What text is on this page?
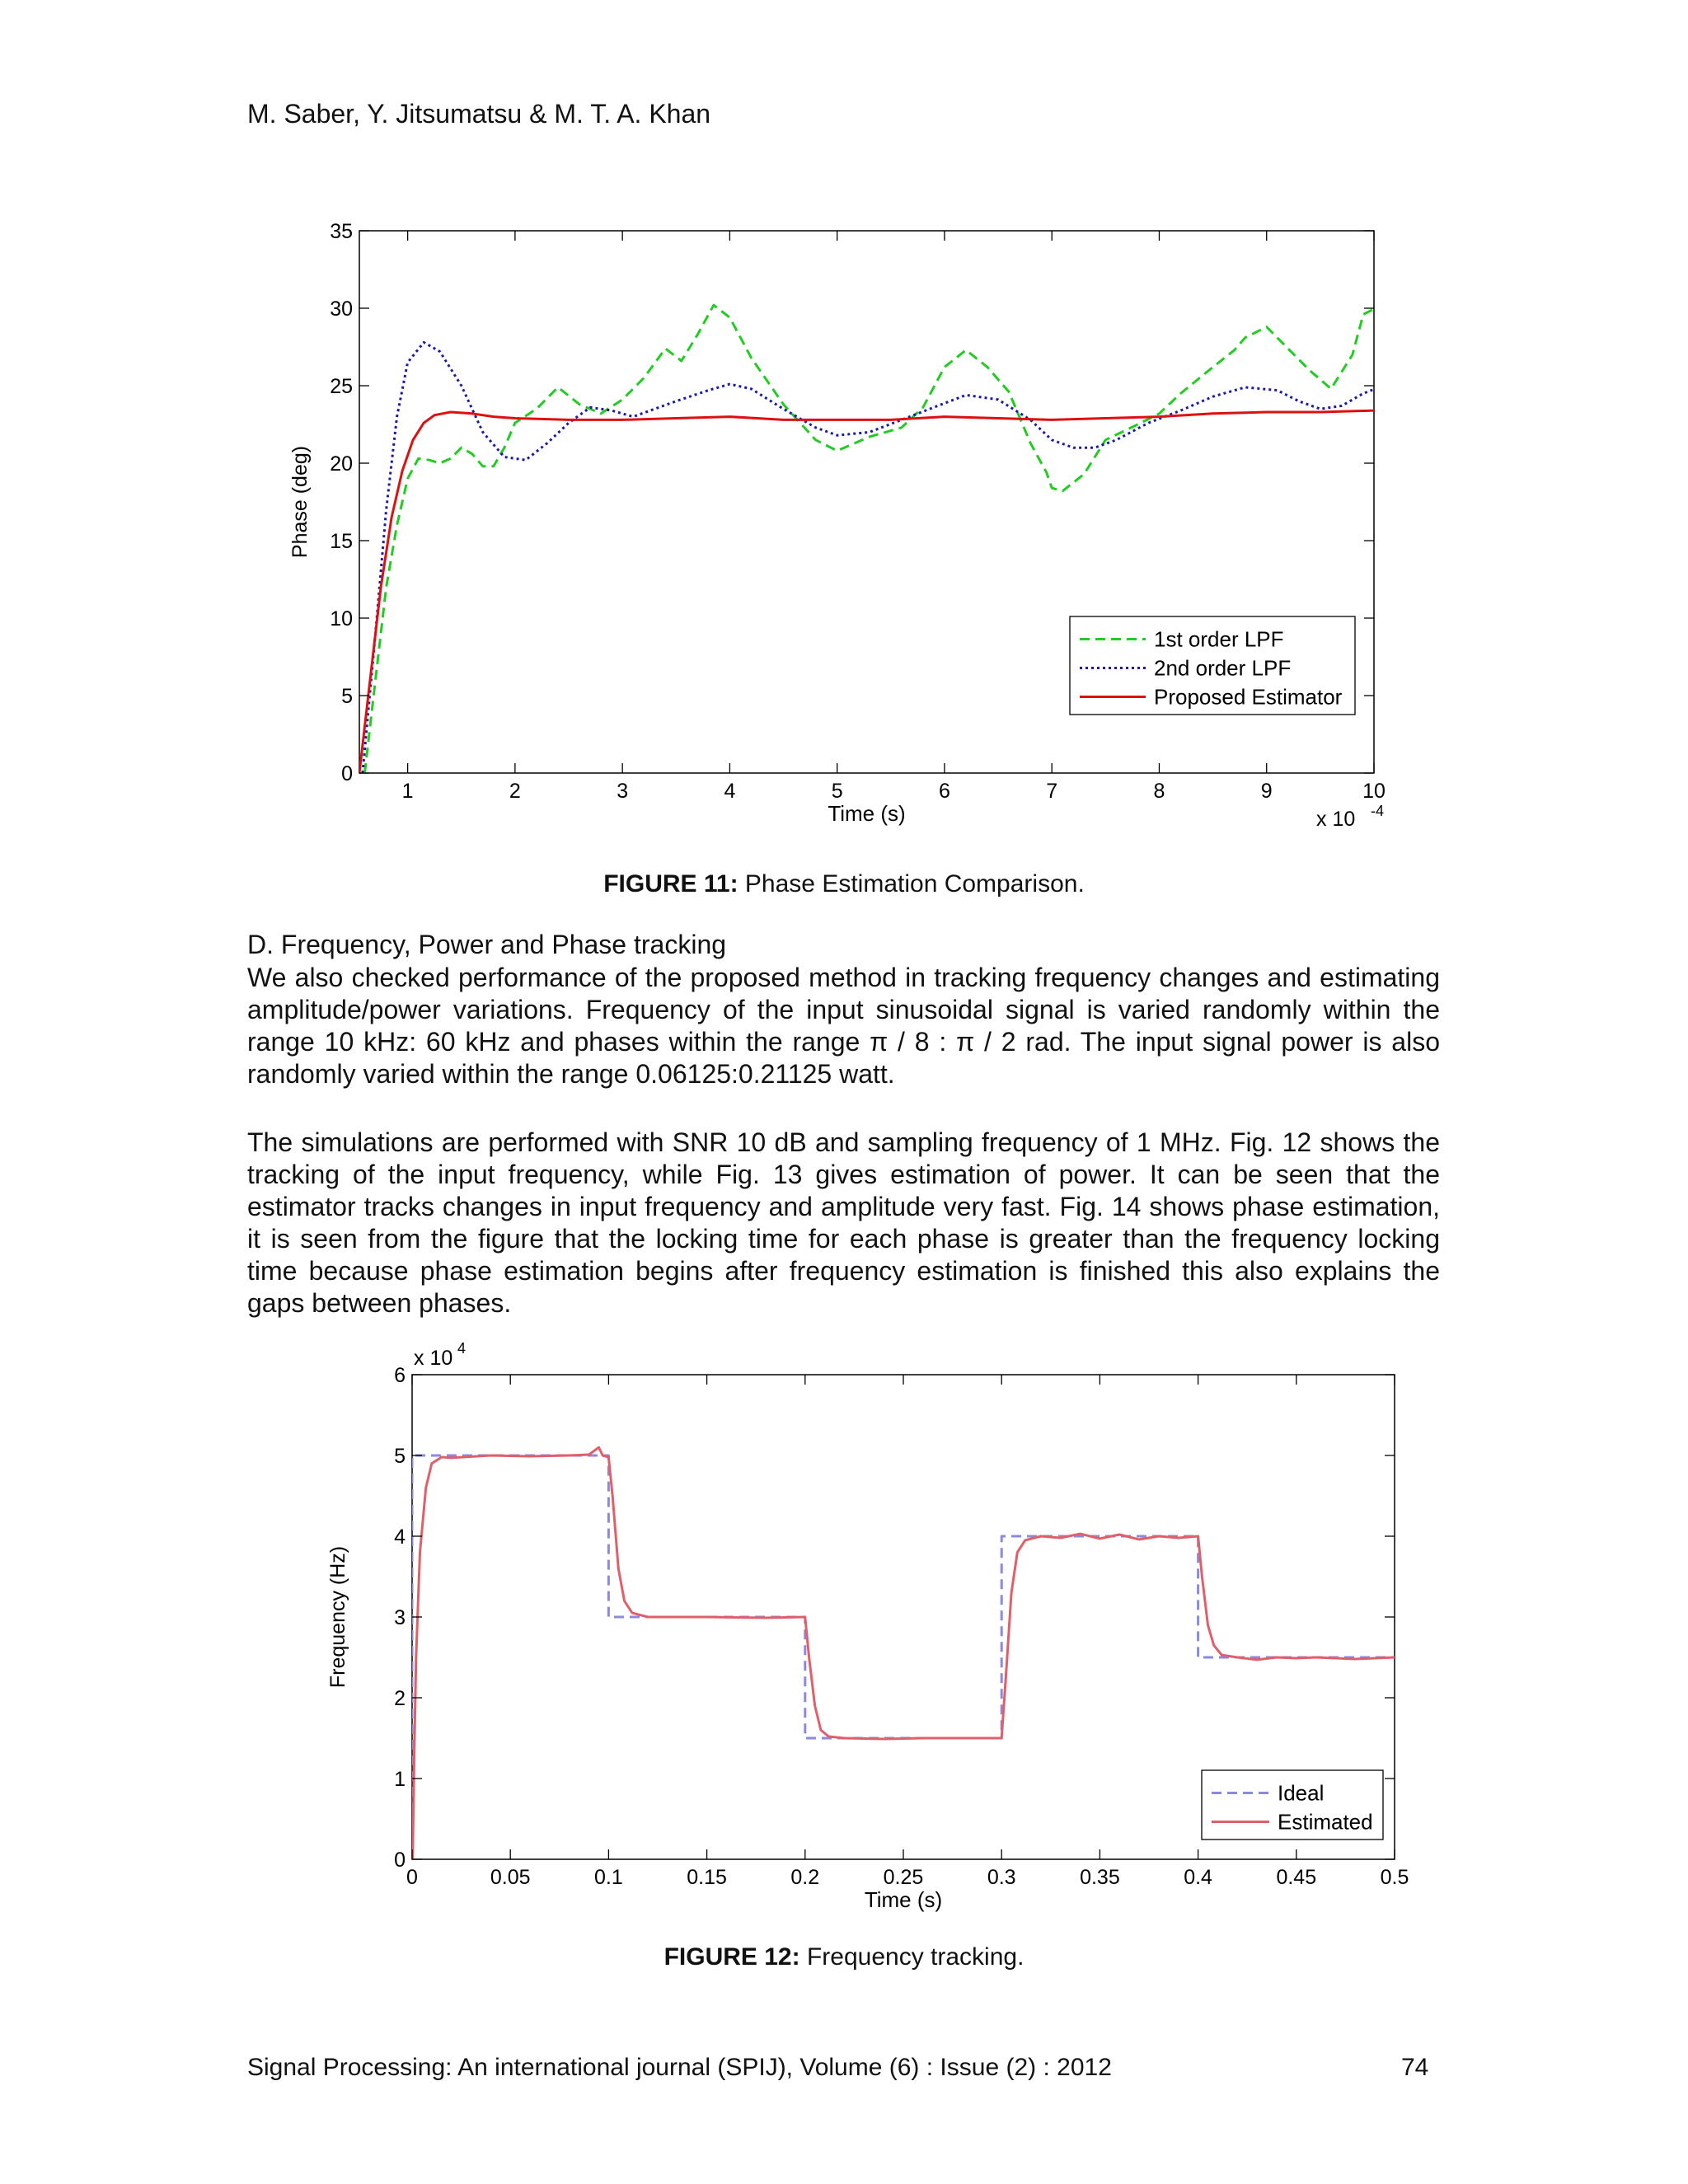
M. Saber, Y. Jitsumatsu & M. T. A. Khan
1	2	3	4	5	6	7	8	9	10
0
5
10
15
20
25
30
35
Time (s)
Phase (deg)
x 10 -4
1st order LPF
2nd order LPF
Proposed Estimator
FIGURE 11: Phase Estimation Comparison.
D. Frequency, Power and Phase tracking

We also checked performance of the proposed method in tracking frequency changes and estimating amplitude/power variations. Frequency of the input sinusoidal signal is varied randomly within the range 10 kHz: 60 kHz and phases within the range π / 8 : π / 2 rad. The input signal power is also randomly varied within the range 0.06125:0.21125 watt.

The simulations are performed with SNR 10 dB and sampling frequency of 1 MHz. Fig. 12 shows the tracking of the input frequency, while Fig. 13 gives estimation of power. It can be seen that the estimator tracks changes in input frequency and amplitude very fast. Fig. 14 shows phase estimation, it is seen from the figure that the locking time for each phase is greater than the frequency locking time because phase estimation begins after frequency estimation is finished this also explains the gaps between phases.

0	0.05	0.1	0.15	0.2	0.25	0.3	0.35	0.4	0.45	0.5
0
1
2
3
4
5
6
Time (s)
Frequency (Hz)
x 10 4
Ideal
Estimated
FIGURE 12: Frequency tracking.
Signal Processing: An international journal (SPIJ), Volume (6) : Issue (2) : 2012	74
